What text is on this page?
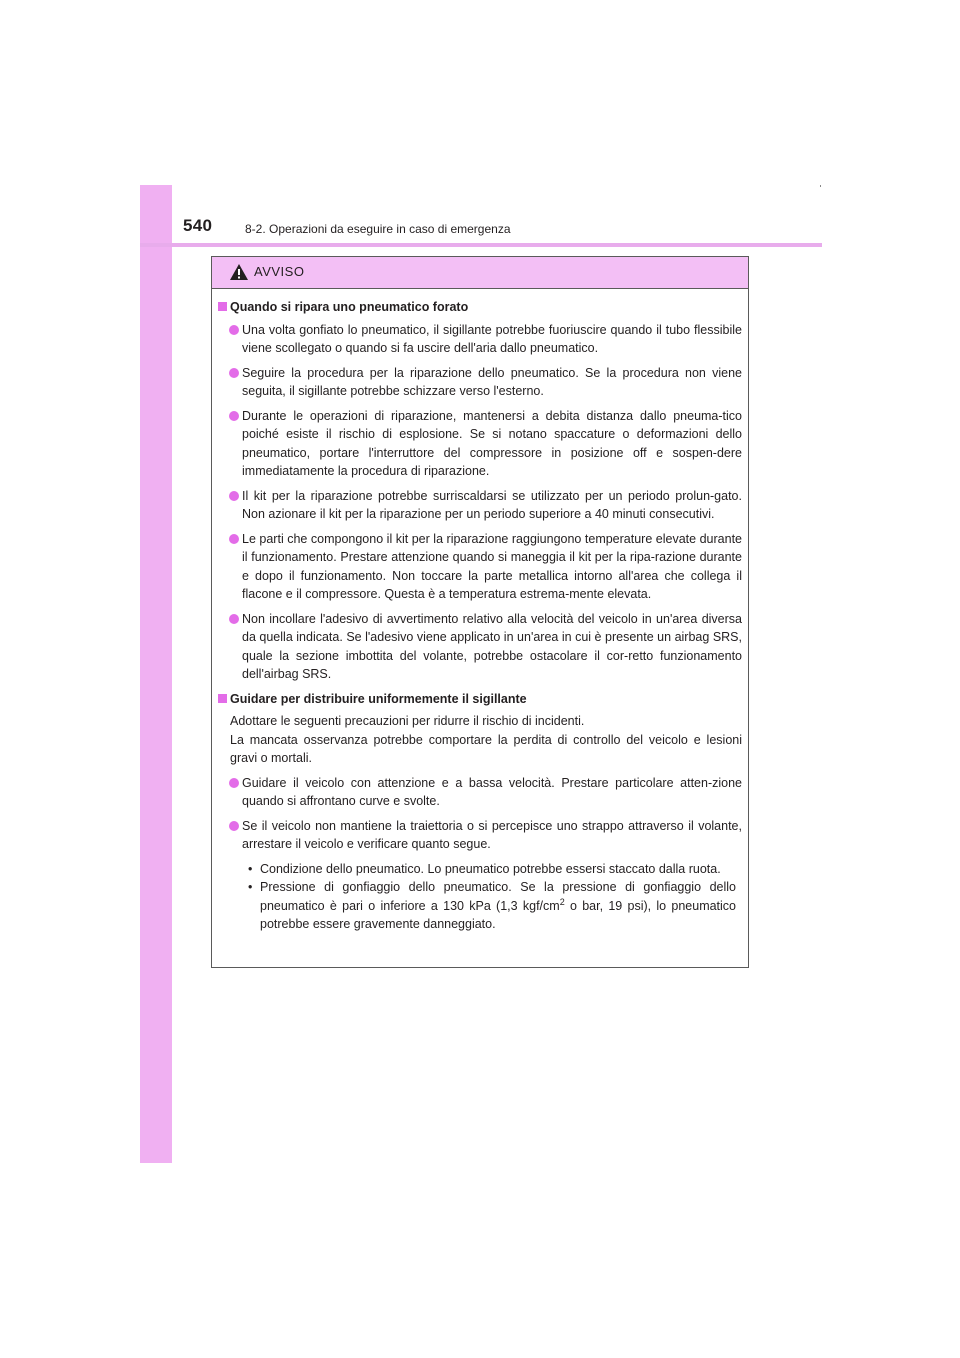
540	8-2. Operazioni da eseguire in caso di emergenza
AVVISO
Quando si ripara uno pneumatico forato
Una volta gonfiato lo pneumatico, il sigillante potrebbe fuoriuscire quando il tubo flessibile viene scollegato o quando si fa uscire dell'aria dallo pneumatico.
Seguire la procedura per la riparazione dello pneumatico. Se la procedura non viene seguita, il sigillante potrebbe schizzare verso l'esterno.
Durante le operazioni di riparazione, mantenersi a debita distanza dallo pneuma-tico poiché esiste il rischio di esplosione. Se si notano spaccature o deformazioni dello pneumatico, portare l'interruttore del compressore in posizione off e sospen-dere immediatamente la procedura di riparazione.
Il kit per la riparazione potrebbe surriscaldarsi se utilizzato per un periodo prolun-gato. Non azionare il kit per la riparazione per un periodo superiore a 40 minuti consecutivi.
Le parti che compongono il kit per la riparazione raggiungono temperature elevate durante il funzionamento. Prestare attenzione quando si maneggia il kit per la ripa-razione durante e dopo il funzionamento. Non toccare la parte metallica intorno all'area che collega il flacone e il compressore. Questa è a temperatura estrema-mente elevata.
Non incollare l'adesivo di avvertimento relativo alla velocità del veicolo in un'area diversa da quella indicata. Se l'adesivo viene applicato in un'area in cui è presente un airbag SRS, quale la sezione imbottita del volante, potrebbe ostacolare il cor-retto funzionamento dell'airbag SRS.
Guidare per distribuire uniformemente il sigillante
Adottare le seguenti precauzioni per ridurre il rischio di incidenti.
La mancata osservanza potrebbe comportare la perdita di controllo del veicolo e lesioni gravi o mortali.
Guidare il veicolo con attenzione e a bassa velocità. Prestare particolare atten-zione quando si affrontano curve e svolte.
Se il veicolo non mantiene la traiettoria o si percepisce uno strappo attraverso il volante, arrestare il veicolo e verificare quanto segue.
• Condizione dello pneumatico. Lo pneumatico potrebbe essersi staccato dalla ruota.
• Pressione di gonfiaggio dello pneumatico. Se la pressione di gonfiaggio dello pneumatico è pari o inferiore a 130 kPa (1,3 kgf/$cm^2$ o bar, 19 psi), lo pneumatico potrebbe essere gravemente danneggiato.
